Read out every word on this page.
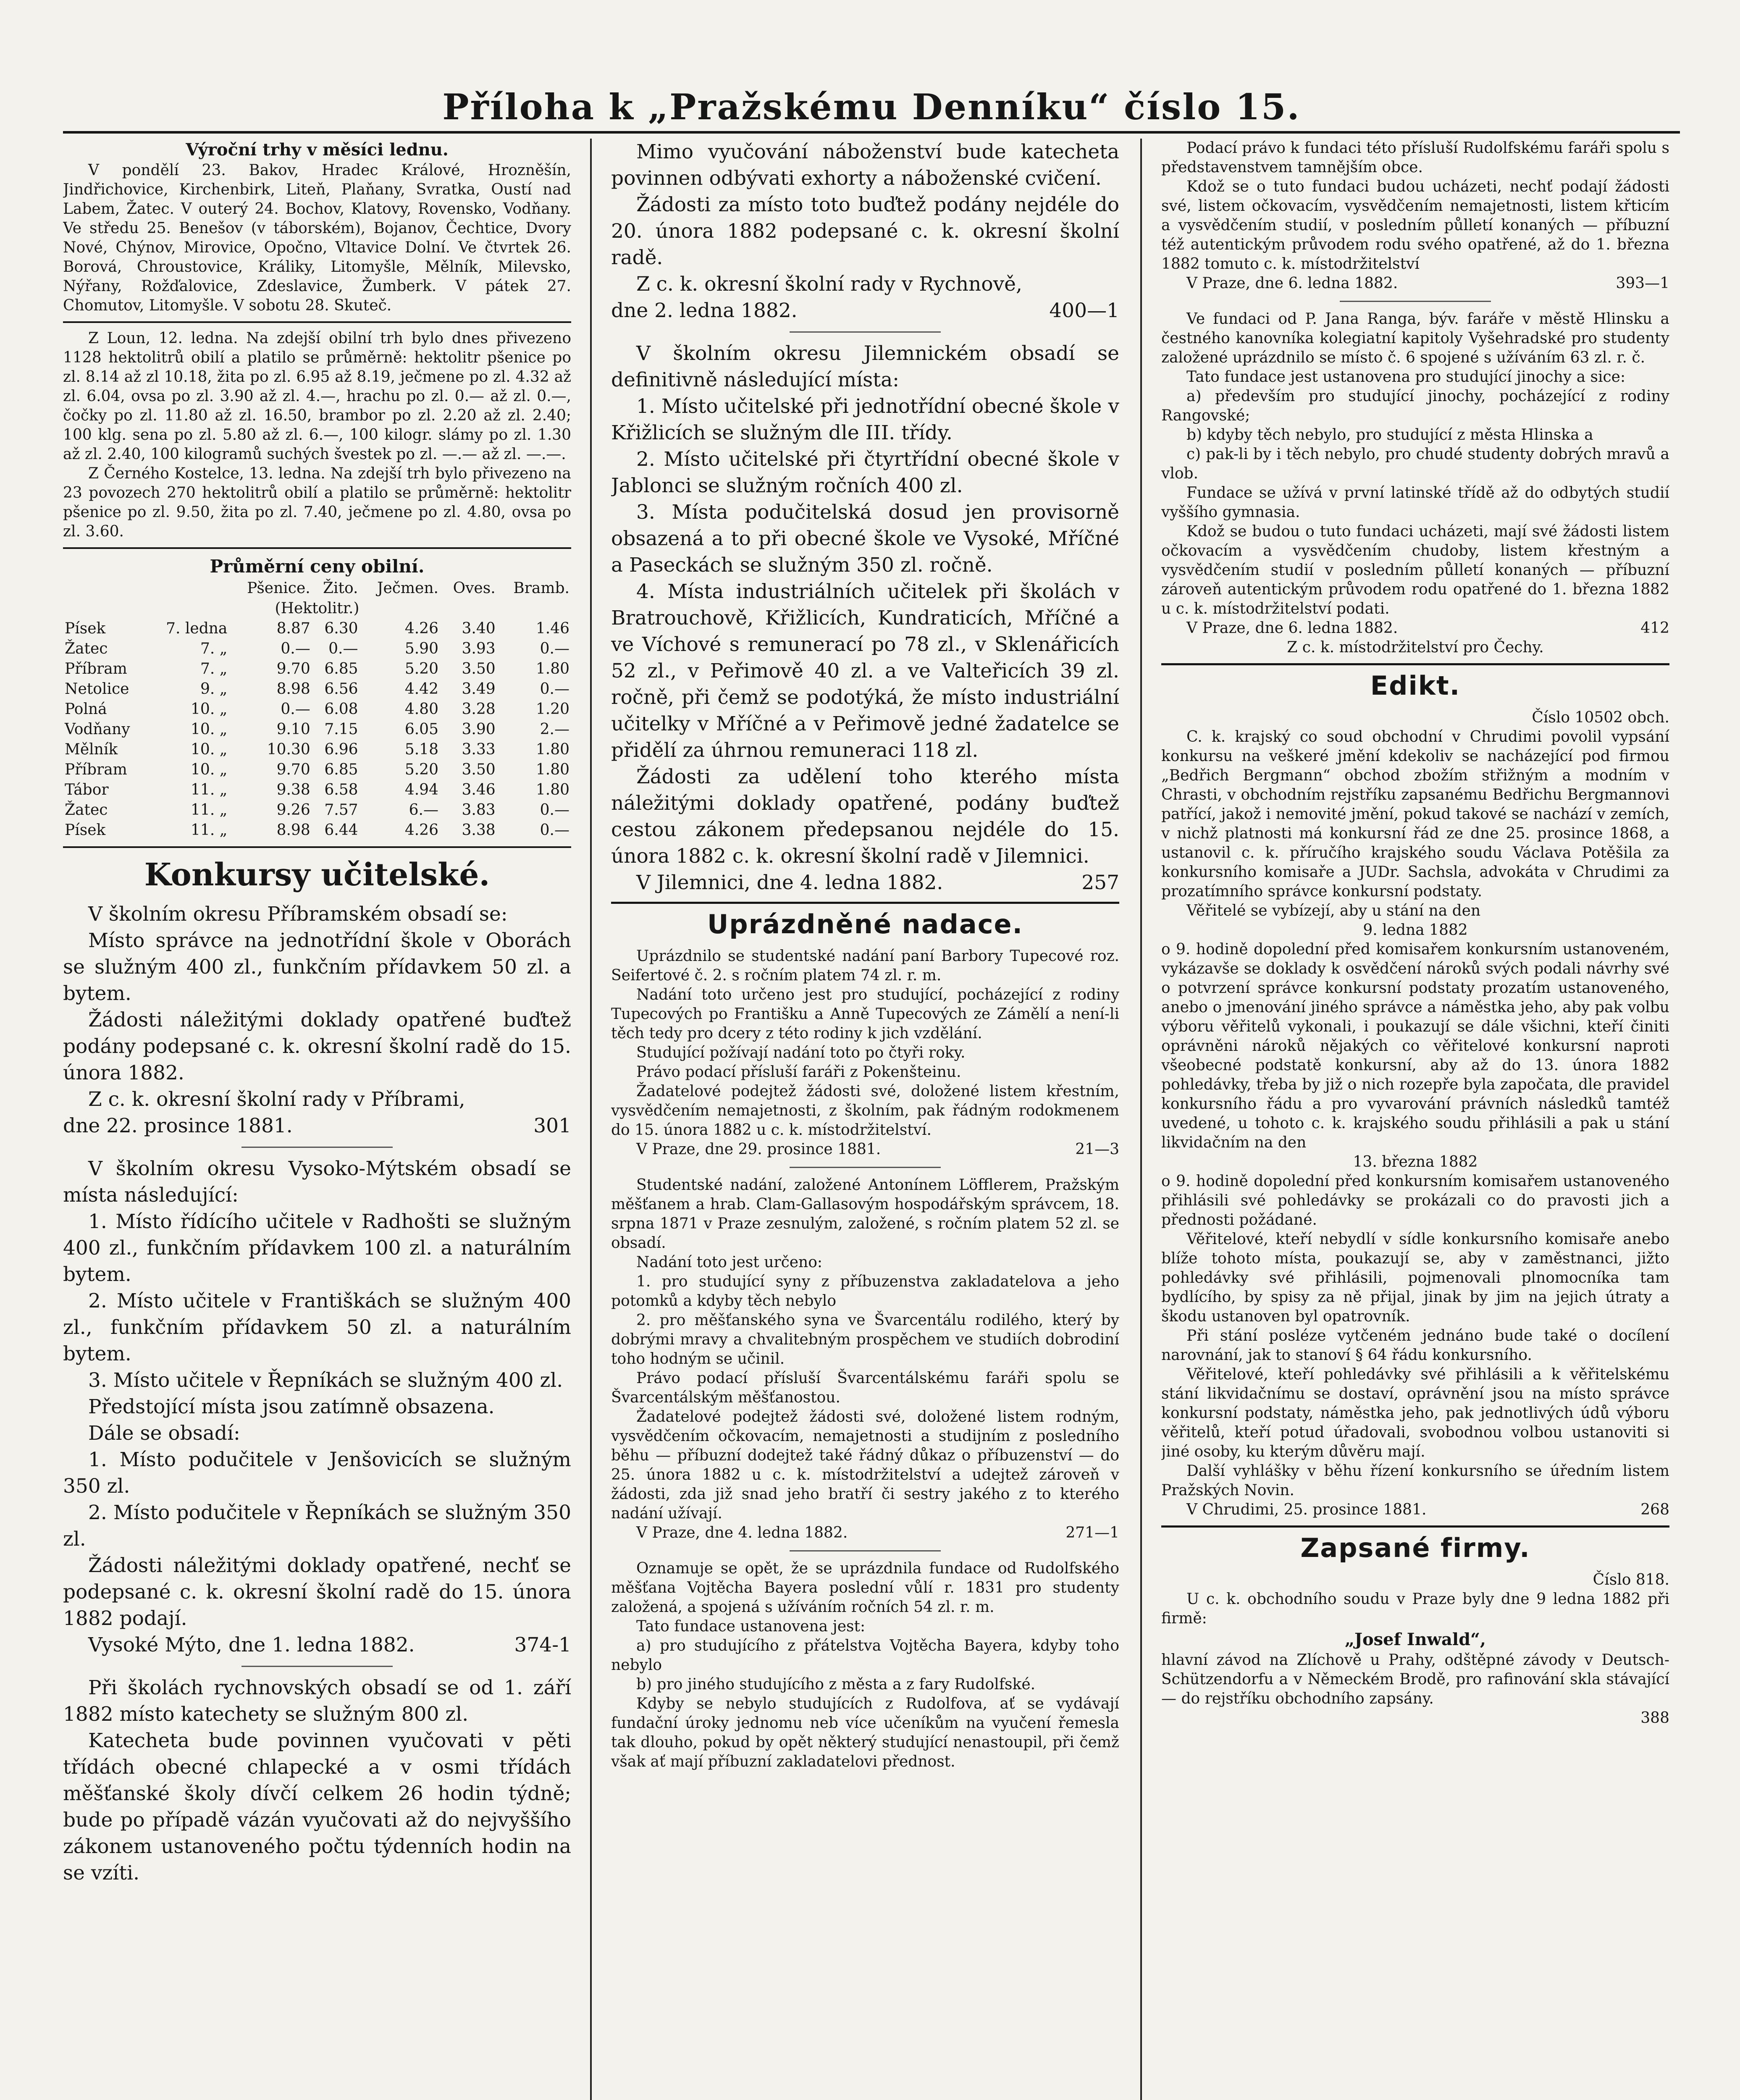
Příloha k „Pražskému Denníku“ číslo 15.

Výroční trhy v měsíci lednu.

V pondělí 23. Bakov, Hradec Králové, Hrozněšín, Jindřichovice, Kirchenbirk, Liteň, Plaňany, Svratka, Oustí nad Labem, Žatec. V outerý 24. Bochov, Klatovy, Rovensko, Vodňany. Ve středu 25. Benešov (v táborském), Bojanov, Čechtice, Dvory Nové, Chýnov, Mirovice, Opočno, Vltavice Dolní. Ve čtvrtek 26. Borová, Chroustovice, Králiky, Litomyšle, Mělník, Milevsko, Nýřany, Rožďalovice, Zdeslavice, Žumberk. V pátek 27. Chomutov, Litomyšle. V sobotu 28. Skuteč.

Z Loun, 12. ledna. Na zdejší obilní trh bylo dnes přivezeno 1128 hektolitrů obilí a platilo se průměrně: hektolitr pšenice po zl. 8.14 až zl 10.18, žita po zl. 6.95 až 8.19, ječmene po zl. 4.32 až zl. 6.04, ovsa po zl. 3.90 až zl. 4.—, hrachu po zl. 0.— až zl. 0.—, čočky po zl. 11.80 až zl. 16.50, brambor po zl. 2.20 až zl. 2.40; 100 klg. sena po zl. 5.80 až zl. 6.—, 100 kilogr. slámy po zl. 1.30 až zl. 2.40, 100 kilogramů suchých švestek po zl. —.— až zl. —.—.

Z Černého Kostelce, 13. ledna. Na zdejší trh bylo přivezeno na 23 povozech 270 hektolitrů obilí a platilo se průměrně: hektolitr pšenice po zl. 9.50, žita po zl. 7.40, ječmene po zl. 4.80, ovsa po zl. 3.60.

Průměrní ceny obilní.

		Pšenice.	Žito.	Ječmen.	Oves.	Bramb.
(Hektolitr.)						
Písek	7. ledna	8.87	6.30	4.26	3.40	1.46
Žatec	7. „	0.—	0.—	5.90	3.93	0.—
Příbram	7. „	9.70	6.85	5.20	3.50	1.80
Netolice	9. „	8.98	6.56	4.42	3.49	0.—
Polná	10. „	0.—	6.08	4.80	3.28	1.20
Vodňany	10. „	9.10	7.15	6.05	3.90	2.—
Mělník	10. „	10.30	6.96	5.18	3.33	1.80
Příbram	10. „	9.70	6.85	5.20	3.50	1.80
Tábor	11. „	9.38	6.58	4.94	3.46	1.80
Žatec	11. „	9.26	7.57	6.—	3.83	0.—
Písek	11. „	8.98	6.44	4.26	3.38	0.—

Konkursy učitelské.

V školním okresu Příbramském obsadí se:

Místo správce na jednotřídní škole v Oborách se služným 400 zl., funkčním přídavkem 50 zl. a bytem.

Žádosti náležitými doklady opatřené buďtež podány podepsané c. k. okresní školní radě do 15. února 1882.

Z c. k. okresní školní rady v Příbrami,

dne 22. prosince 1881.	301

V školním okresu Vysoko-Mýtském obsadí se místa následující:

1. Místo řídícího učitele v Radhošti se služným 400 zl., funkčním přídavkem 100 zl. a naturálním bytem.

2. Místo učitele v Františkách se služným 400 zl., funkčním přídavkem 50 zl. a naturálním bytem.

3. Místo učitele v Řepníkách se služným 400 zl.

Předstojící místa jsou zatímně obsazena.

Dále se obsadí:

1. Místo podučitele v Jenšovicích se služným 350 zl.

2. Místo podučitele v Řepníkách se služným 350 zl.

Žádosti náležitými doklady opatřené, nechť se podepsané c. k. okresní školní radě do 15. února 1882 podají.

Vysoké Mýto, dne 1. ledna 1882.	374-1

Při školách rychnovských obsadí se od 1. září 1882 místo katechety se služným 800 zl.

Katecheta bude povinnen vyučovati v pěti třídách obecné chlapecké a v osmi třídách měšťanské školy dívčí celkem 26 hodin týdně; bude po případě vázán vyučovati až do nejvyššího zákonem ustanoveného počtu týdenních hodin na se vzíti.

Mimo vyučování náboženství bude katecheta povinnen odbývati exhorty a náboženské cvičení.

Žádosti za místo toto buďtež podány nejdéle do 20. února 1882 podepsané c. k. okresní školní radě.

Z c. k. okresní školní rady v Rychnově,

dne 2. ledna 1882.	400—1

V školním okresu Jilemnickém obsadí se definitivně následující místa:

1. Místo učitelské při jednotřídní obecné škole v Křižlicích se služným dle III. třídy.

2. Místo učitelské při čtyrtřídní obecné škole v Jablonci se služným ročních 400 zl.

3. Místa podučitelská dosud jen provisorně obsazená a to při obecné škole ve Vysoké, Mříčné a Paseckách se služným 350 zl. ročně.

4. Místa industriálních učitelek při školách v Bratrouchově, Křižlicích, Kundraticích, Mříčné a ve Víchové s remunerací po 78 zl., v Sklenářicích 52 zl., v Peřimově 40 zl. a ve Valteřicích 39 zl. ročně, při čemž se podotýká, že místo industriální učitelky v Mříčné a v Peřimově jedné žadatelce se přidělí za úhrnou remuneraci 118 zl.

Žádosti za udělení toho kterého místa náležitými doklady opatřené, podány buďtež cestou zákonem předepsanou nejdéle do 15. února 1882 c. k. okresní školní radě v Jilemnici.

V Jilemnici, dne 4. ledna 1882.	257
Uprázdněné nadace.

Uprázdnilo se studentské nadání paní Barbory Tupecové roz. Seifertové č. 2. s ročním platem 74 zl. r. m.

Nadání toto určeno jest pro studující, pocházející z rodiny Tupecových po Františku a Anně Tupecových ze Zámělí a není-li těch tedy pro dcery z této rodiny k jich vzdělání.

Studující požívají nadání toto po čtyři roky.

Právo podací přísluší faráři z Pokenšteinu.

Žadatelové podejtež žádosti své, doložené listem křestním, vysvědčením nemajetnosti, z školním, pak řádným rodokmenem do 15. února 1882 u c. k. místodržitelství.

V Praze, dne 29. prosince 1881.	21—3

Studentské nadání, založené Antonínem Löfflerem, Pražským měšťanem a hrab. Clam-Gallasovým hospodářským správcem, 18. srpna 1871 v Praze zesnulým, založené, s ročním platem 52 zl. se obsadí.

Nadání toto jest určeno:

1. pro studující syny z příbuzenstva zakladatelova a jeho potomků a kdyby těch nebylo

2. pro měšťanského syna ve Švarcentálu rodilého, který by dobrými mravy a chvalitebným prospěchem ve studiích dobrodiní toho hodným se učinil.

Právo podací přísluší Švarcentálskému faráři spolu se Švarcentálským měšťanostou.

Žadatelové podejtež žádosti své, doložené listem rodným, vysvědčením očkovacím, nemajetnosti a studijním z posledního běhu — příbuzní dodejtež také řádný důkaz o příbuzenství — do 25. února 1882 u c. k. místodržitelství a udejtež zároveň v žádosti, zda již snad jeho bratří či sestry jakého z to kterého nadání užívají.

V Praze, dne 4. ledna 1882.	271—1

Oznamuje se opět, že se uprázdnila fundace od Rudolfského měšťana Vojtěcha Bayera poslední vůlí r. 1831 pro studenty založená, a spojená s užíváním ročních 54 zl. r. m.

Tato fundace ustanovena jest:

a) pro studujícího z přátelstva Vojtěcha Bayera, kdyby toho nebylo

b) pro jiného studujícího z města a z fary Rudolfské.

Kdyby se nebylo studujících z Rudolfova, ať se vydávají fundační úroky jednomu neb více učeníkům na vyučení řemesla tak dlouho, pokud by opět některý studující nenastoupil, při čemž však ať mají příbuzní zakladatelovi přednost.

Podací právo k fundaci této přísluší Rudolfskému faráři spolu s představenstvem tamnějším obce.

Kdož se o tuto fundaci budou ucházeti, nechť podají žádosti své, listem očkovacím, vysvědčením nemajetnosti, listem křticím a vysvědčením studií, v posledním půlletí konaných — příbuzní též autentickým průvodem rodu svého opatřené, až do 1. března 1882 tomuto c. k. místodržitelství

V Praze, dne 6. ledna 1882.	393—1

Ve fundaci od P. Jana Ranga, býv. faráře v městě Hlinsku a čestného kanovníka kolegiatní kapitoly Vyšehradské pro studenty založené uprázdnilo se místo č. 6 spojené s užíváním 63 zl. r. č.

Tato fundace jest ustanovena pro studující jinochy a sice:

a) především pro studující jinochy, pocházející z rodiny Rangovské;

b) kdyby těch nebylo, pro studující z města Hlinska a

c) pak-li by i těch nebylo, pro chudé studenty dobrých mravů a vlob.

Fundace se užívá v první latinské třídě až do odbytých studií vyššího gymnasia.

Kdož se budou o tuto fundaci ucházeti, mají své žádosti listem očkovacím a vysvědčením chudoby, listem křestným a vysvědčením studií v posledním půlletí konaných — příbuzní zároveň autentickým průvodem rodu opatřené do 1. března 1882 u c. k. místodržitelství podati.

V Praze, dne 6. ledna 1882.	412

Z c. k. místodržitelství pro Čechy.

Edikt.

Číslo 10502 obch.

C. k. krajský co soud obchodní v Chrudimi povolil vypsání konkursu na veškeré jmění kdekoliv se nacházející pod firmou „Bedřich Bergmann“ obchod zbožím střižným a modním v Chrasti, v obchodním rejstříku zapsanému Bedřichu Bergmannovi patřící, jakož i nemovité jmění, pokud takové se nachází v zemích, v nichž platnosti má konkursní řád ze dne 25. prosince 1868, a ustanovil c. k. příručího krajského soudu Václava Potěšila za konkursního komisaře a JUDr. Sachsla, advokáta v Chrudimi za prozatímního správce konkursní podstaty.

Věřitelé se vybízejí, aby u stání na den

9. ledna 1882

o 9. hodině dopolední před komisařem konkursním ustanoveném, vykázavše se doklady k osvědčení nároků svých podali návrhy své o potvrzení správce konkursní podstaty prozatím ustanoveného, anebo o jmenování jiného správce a náměstka jeho, aby pak volbu výboru věřitelů vykonali, i poukazují se dále všichni, kteří činiti oprávněni nároků nějakých co věřitelové konkursní naproti všeobecné podstatě konkursní, aby až do 13. února 1882 pohledávky, třeba by již o nich rozepře byla započata, dle pravidel konkursního řádu a pro vyvarování právních následků tamtéž uvedené, u tohoto c. k. krajského soudu přihlásili a pak u stání likvidačním na den

13. března 1882

o 9. hodině dopolední před konkursním komisařem ustanoveného přihlásili své pohledávky se prokázali co do pravosti jich a přednosti požádané.

Věřitelové, kteří nebydlí v sídle konkursního komisaře anebo blíže tohoto místa, poukazují se, aby v zaměstnanci, jižto pohledávky své přihlásili, pojmenovali plnomocníka tam bydlícího, by spisy za ně přijal, jinak by jim na jejich útraty a škodu ustanoven byl opatrovník.

Při stání posléze vytčeném jednáno bude také o docílení narovnání, jak to stanoví § 64 řádu konkursního.

Věřitelové, kteří pohledávky své přihlásili a k věřitelskému stání likvidačnímu se dostaví, oprávnění jsou na místo správce konkursní podstaty, náměstka jeho, pak jednotlivých údů výboru věřitelů, kteří potud úřadovali, svobodnou volbou ustanoviti si jiné osoby, ku kterým důvěru mají.

Další vyhlášky v běhu řízení konkursního se úředním listem Pražských Novin.

V Chrudimi, 25. prosince 1881.	268
Zapsané firmy.

Číslo 818.

U c. k. obchodního soudu v Praze byly dne 9 ledna 1882 při firmě:

„Josef Inwald“,

hlavní závod na Zlíchově u Prahy, odštěpné závody v Deutsch-Schützendorfu a v Německém Brodě, pro rafinování skla stávající — do rejstříku obchodního zapsány.

388
